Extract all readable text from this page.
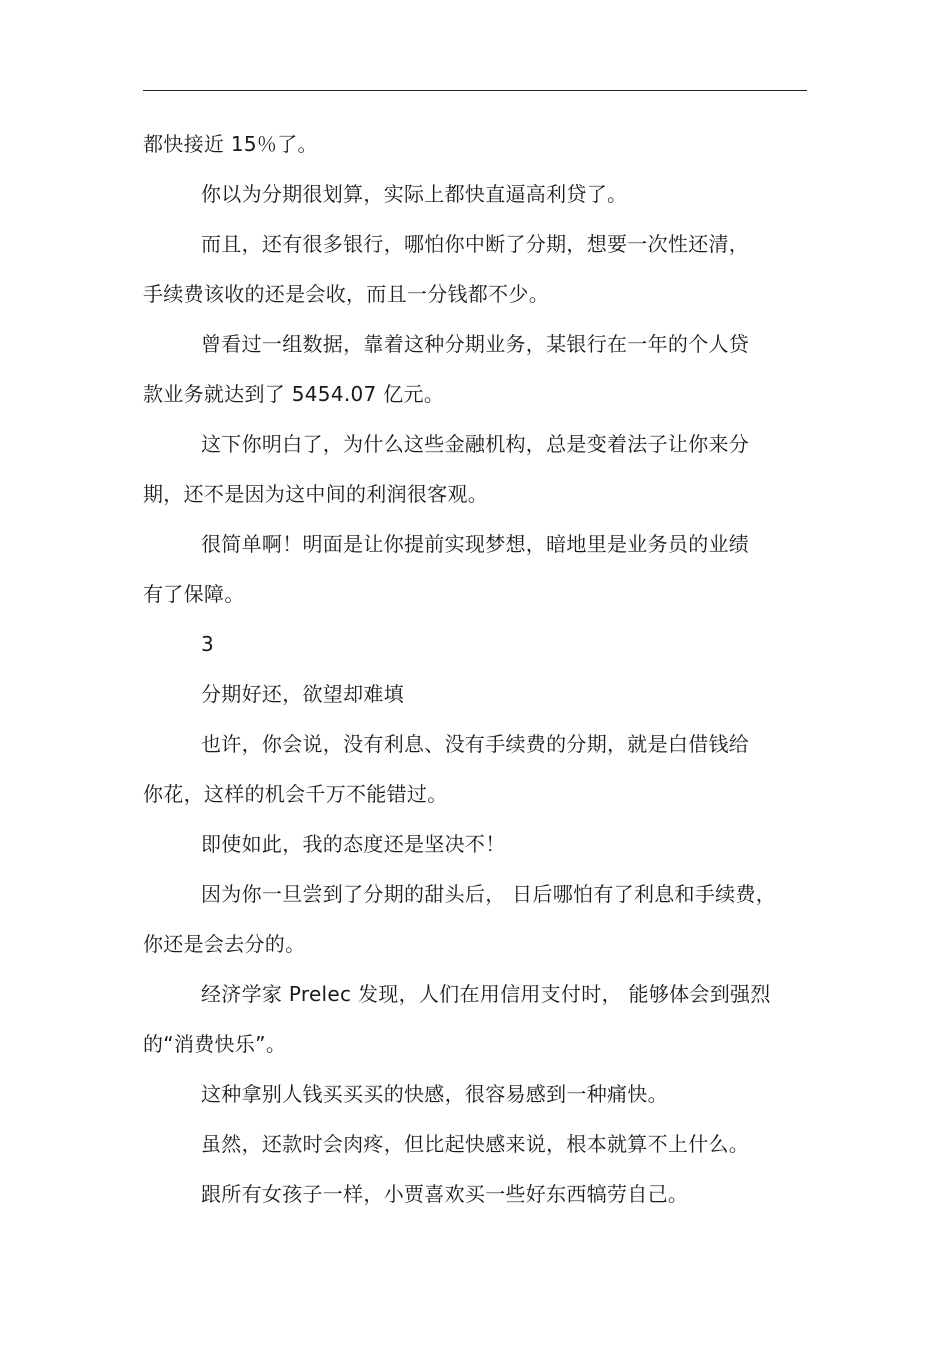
都快接近 15％了。
你以为分期很划算，实际上都快直逼高利贷了。
而且，还有很多银行，哪怕你中断了分期，想要一次性还清，
手续费该收的还是会收，而且一分钱都不少。
曾看过一组数据，靠着这种分期业务，某银行在一年的个人贷
款业务就达到了 5454.07 亿元。
这下你明白了，为什么这些金融机构，总是变着法子让你来分
期，还不是因为这中间的利润很客观。
很简单啊！明面是让你提前实现梦想，暗地里是业务员的业绩
有了保障。
3
分期好还，欲望却难填
也许，你会说，没有利息、没有手续费的分期，就是白借钱给
你花，这样的机会千万不能错过。
即使如此，我的态度还是坚决不！
因为你一旦尝到了分期的甜头后， 日后哪怕有了利息和手续费，
你还是会去分的。
经济学家 Prelec 发现，人们在用信用支付时， 能够体会到强烈
的“消费快乐”。
这种拿别人钱买买买的快感，很容易感到一种痛快。
虽然，还款时会肉疼，但比起快感来说，根本就算不上什么。
跟所有女孩子一样，小贾喜欢买一些好东西犒劳自己。
